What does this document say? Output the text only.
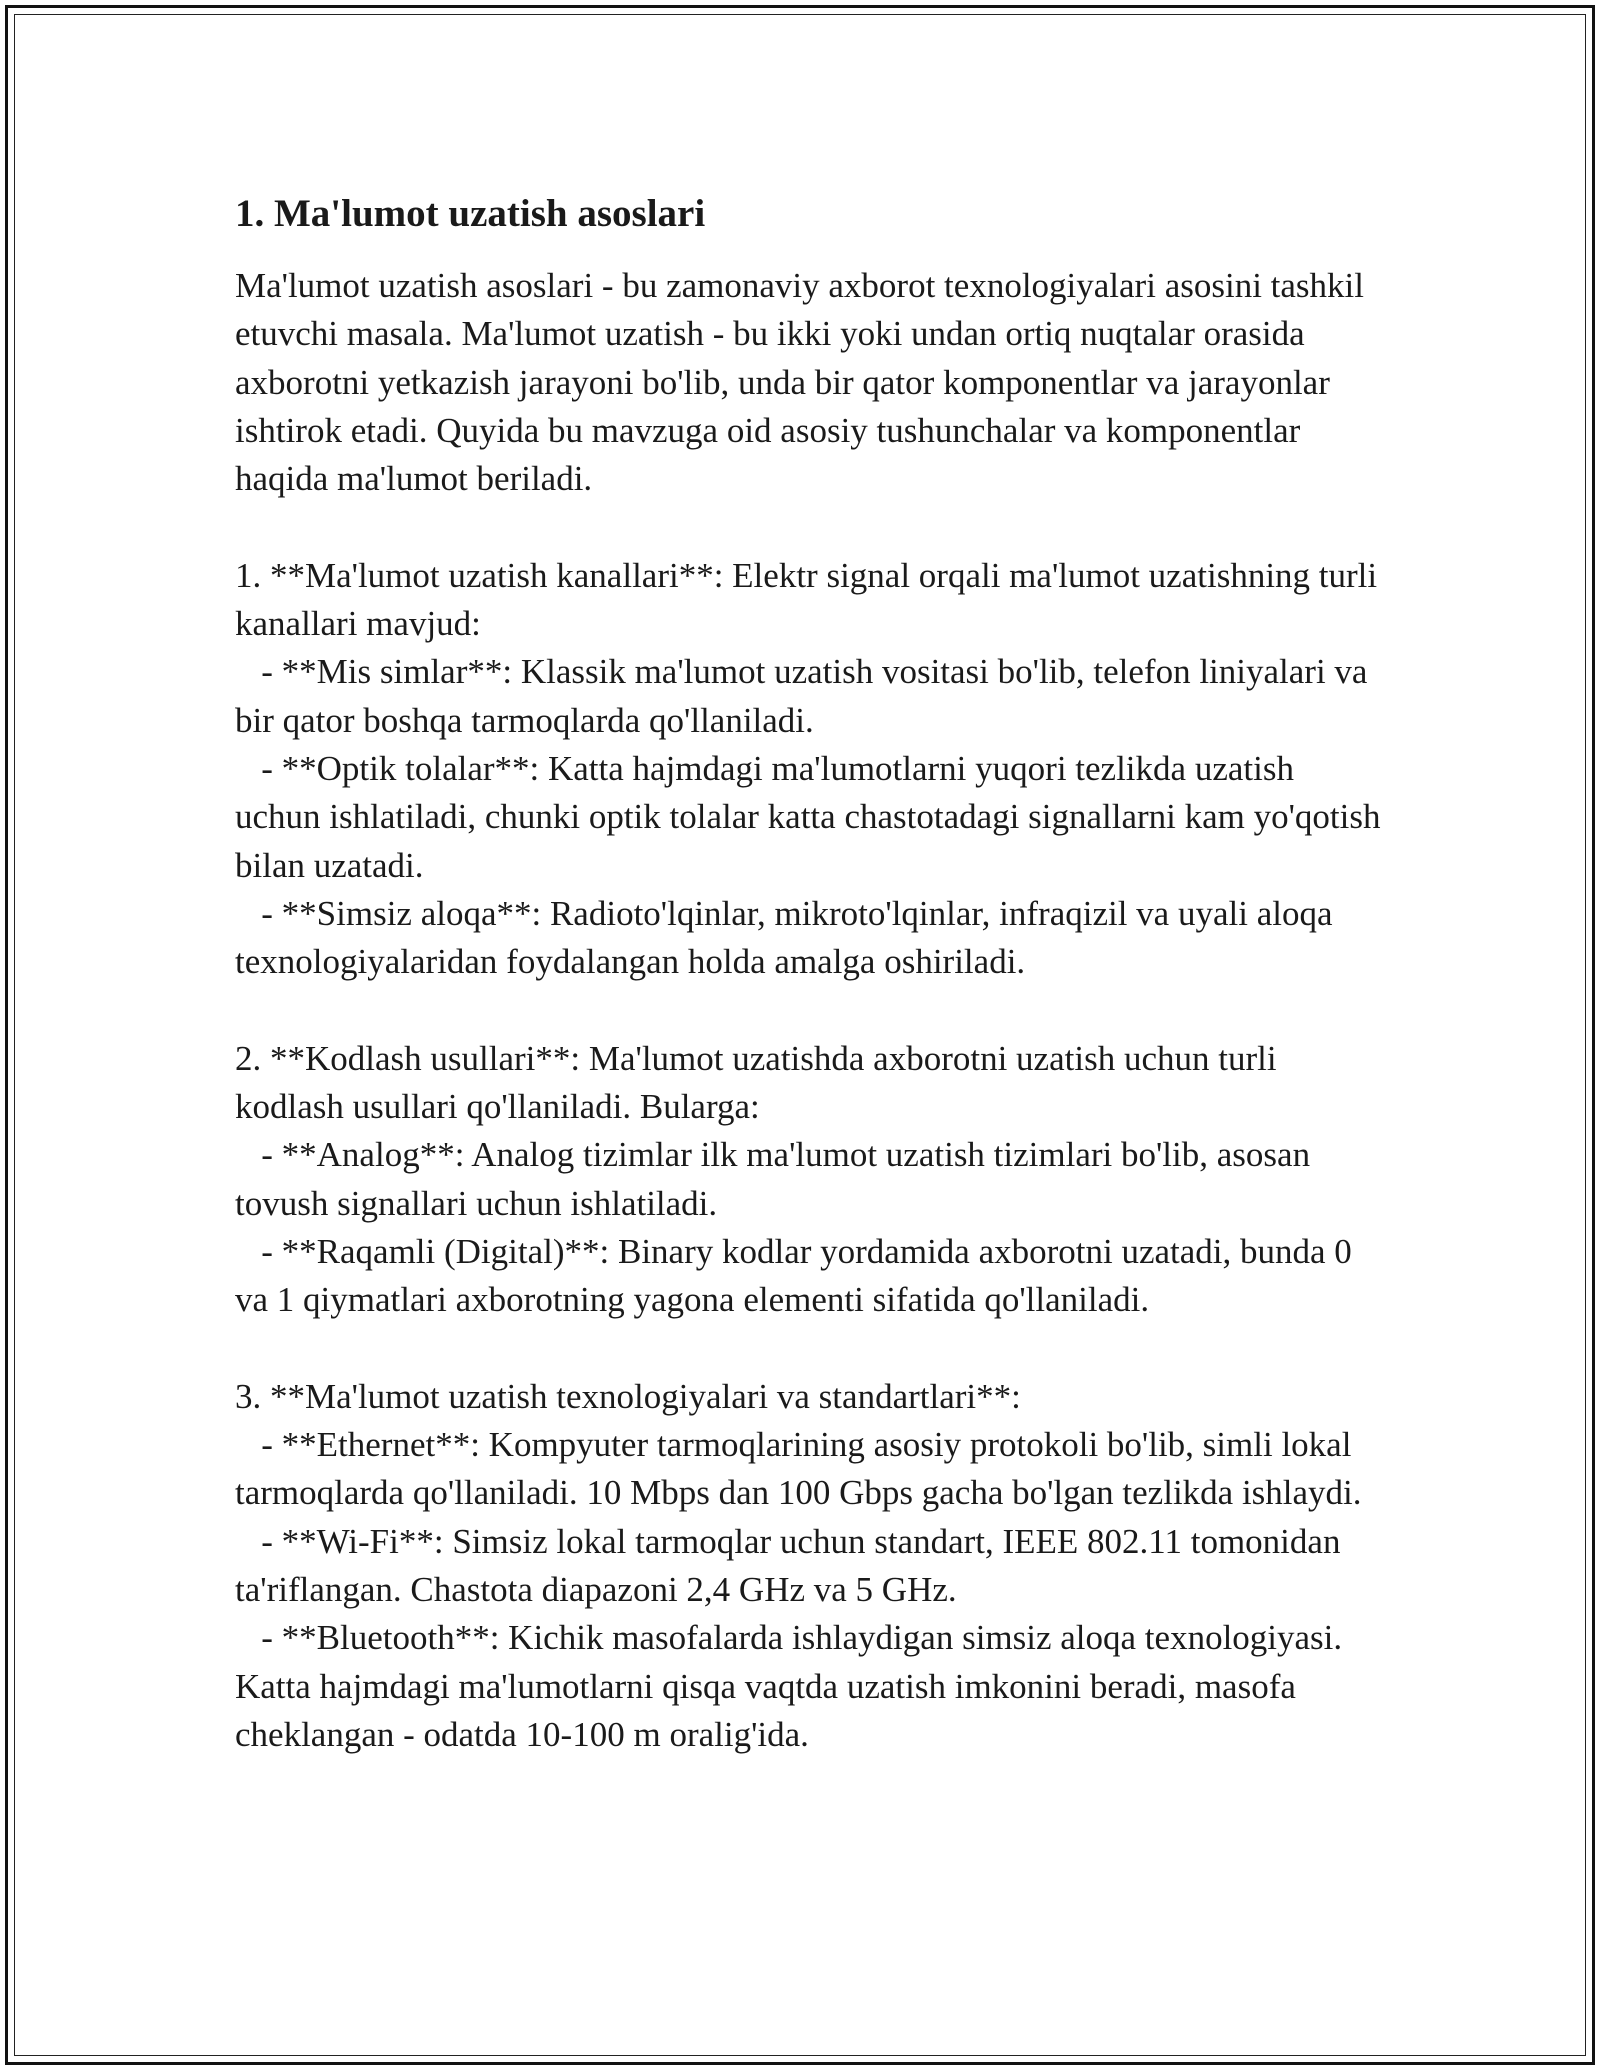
1. Ma'lumot uzatish asoslari
Ma'lumot uzatish asoslari - bu zamonaviy axborot texnologiyalari asosini tashkil etuvchi masala. Ma'lumot uzatish - bu ikki yoki undan ortiq nuqtalar orasida axborotni yetkazish jarayoni bo'lib, unda bir qator komponentlar va jarayonlar ishtirok etadi. Quyida bu mavzuga oid asosiy tushunchalar va komponentlar haqida ma'lumot beriladi.

1. **Ma'lumot uzatish kanallari**: Elektr signal orqali ma'lumot uzatishning turli kanallari mavjud:
- **Mis simlar**: Klassik ma'lumot uzatish vositasi bo'lib, telefon liniyalari va bir qator boshqa tarmoqlarda qo'llaniladi.
- **Optik tolalar**: Katta hajmdagi ma'lumotlarni yuqori tezlikda uzatish uchun ishlatiladi, chunki optik tolalar katta chastotadagi signallarni kam yo'qotish bilan uzatadi.
- **Simsiz aloqa**: Radioto'lqinlar, mikroto'lqinlar, infraqizil va uyali aloqa texnologiyalaridan foydalangan holda amalga oshiriladi.

2. **Kodlash usullari**: Ma'lumot uzatishda axborotni uzatish uchun turli kodlash usullari qo'llaniladi. Bularga:
- **Analog**: Analog tizimlar ilk ma'lumot uzatish tizimlari bo'lib, asosan tovush signallari uchun ishlatiladi.
- **Raqamli (Digital)**: Binary kodlar yordamida axborotni uzatadi, bunda 0 va 1 qiymatlari axborotning yagona elementi sifatida qo'llaniladi.

3. **Ma'lumot uzatish texnologiyalari va standartlari**:
- **Ethernet**: Kompyuter tarmoqlarining asosiy protokoli bo'lib, simli lokal tarmoqlarda qo'llaniladi. 10 Mbps dan 100 Gbps gacha bo'lgan tezlikda ishlaydi.
- **Wi-Fi**: Simsiz lokal tarmoqlar uchun standart, IEEE 802.11 tomonidan ta'riflangan. Chastota diapazoni 2,4 GHz va 5 GHz.
- **Bluetooth**: Kichik masofalarda ishlaydigan simsiz aloqa texnologiyasi. Katta hajmdagi ma'lumotlarni qisqa vaqtda uzatish imkonini beradi, masofa cheklangan - odatda 10-100 m oralig'ida.
